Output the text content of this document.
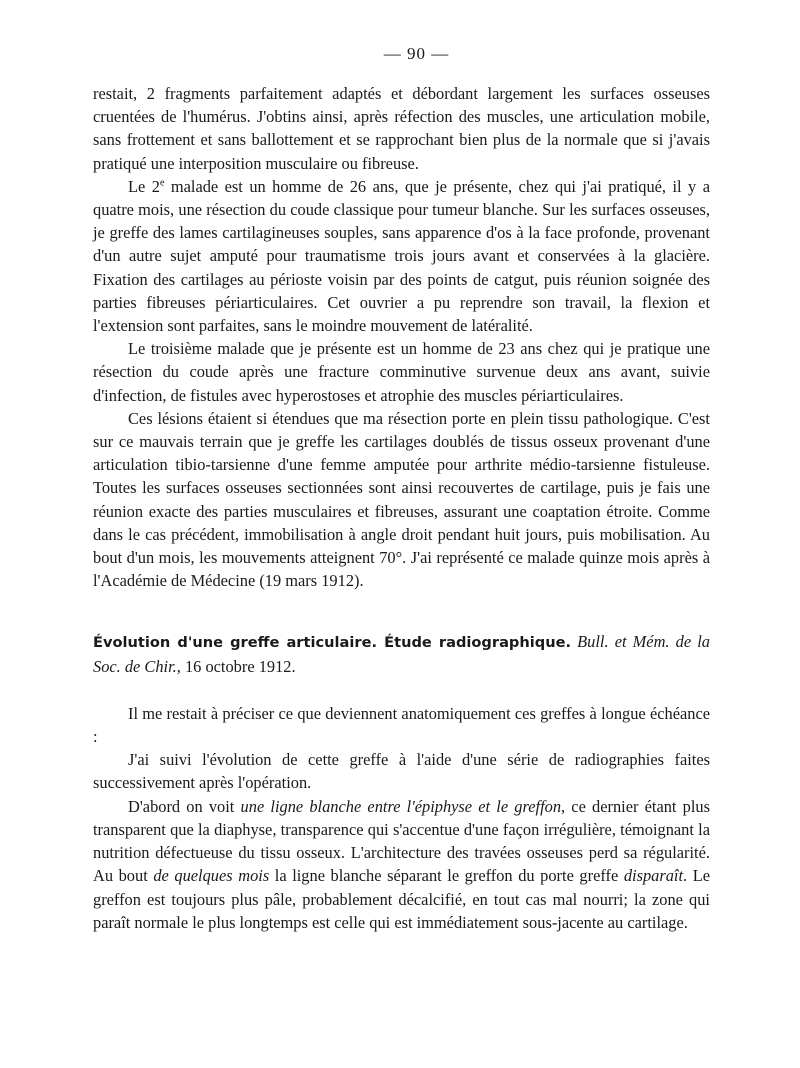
— 90 —

restait, 2 fragments parfaitement adaptés et débordant largement les surfaces osseuses cruentées de l'humérus. J'obtins ainsi, après réfection des muscles, une articulation mobile, sans frottement et sans ballottement et se rapprochant bien plus de la normale que si j'avais pratiqué une interposition musculaire ou fibreuse.

Le 2e malade est un homme de 26 ans, que je présente, chez qui j'ai pratiqué, il y a quatre mois, une résection du coude classique pour tumeur blanche. Sur les surfaces osseuses, je greffe des lames cartilagineuses souples, sans apparence d'os à la face profonde, provenant d'un autre sujet amputé pour traumatisme trois jours avant et conservées à la glacière. Fixation des cartilages au périoste voisin par des points de catgut, puis réunion soignée des parties fibreuses périarticulaires. Cet ouvrier a pu reprendre son travail, la flexion et l'extension sont parfaites, sans le moindre mouvement de latéralité.

Le troisième malade que je présente est un homme de 23 ans chez qui je pratique une résection du coude après une fracture comminutive survenue deux ans avant, suivie d'infection, de fistules avec hyperostoses et atrophie des muscles périarticulaires.

Ces lésions étaient si étendues que ma résection porte en plein tissu pathologique. C'est sur ce mauvais terrain que je greffe les cartilages doublés de tissus osseux provenant d'une articulation tibio-tarsienne d'une femme amputée pour arthrite médio-tarsienne fistuleuse. Toutes les surfaces osseuses sectionnées sont ainsi recouvertes de cartilage, puis je fais une réunion exacte des parties musculaires et fibreuses, assurant une coaptation étroite. Comme dans le cas précédent, immobilisation à angle droit pendant huit jours, puis mobilisation. Au bout d'un mois, les mouvements atteignent 70°. J'ai représenté ce malade quinze mois après à l'Académie de Médecine (19 mars 1912).

Évolution d'une greffe articulaire. Étude radiographique. Bull. et Mém. de la Soc. de Chir., 16 octobre 1912.

Il me restait à préciser ce que deviennent anatomiquement ces greffes à longue échéance :

J'ai suivi l'évolution de cette greffe à l'aide d'une série de radiographies faites successivement après l'opération.

D'abord on voit une ligne blanche entre l'épiphyse et le greffon, ce dernier étant plus transparent que la diaphyse, transparence qui s'accentue d'une façon irrégulière, témoignant la nutrition défectueuse du tissu osseux. L'architecture des travées osseuses perd sa régularité. Au bout de quelques mois la ligne blanche séparant le greffon du porte greffe disparaît. Le greffon est toujours plus pâle, probablement décalcifié, en tout cas mal nourri; la zone qui paraît normale le plus longtemps est celle qui est immédiatement sous-jacente au cartilage.
